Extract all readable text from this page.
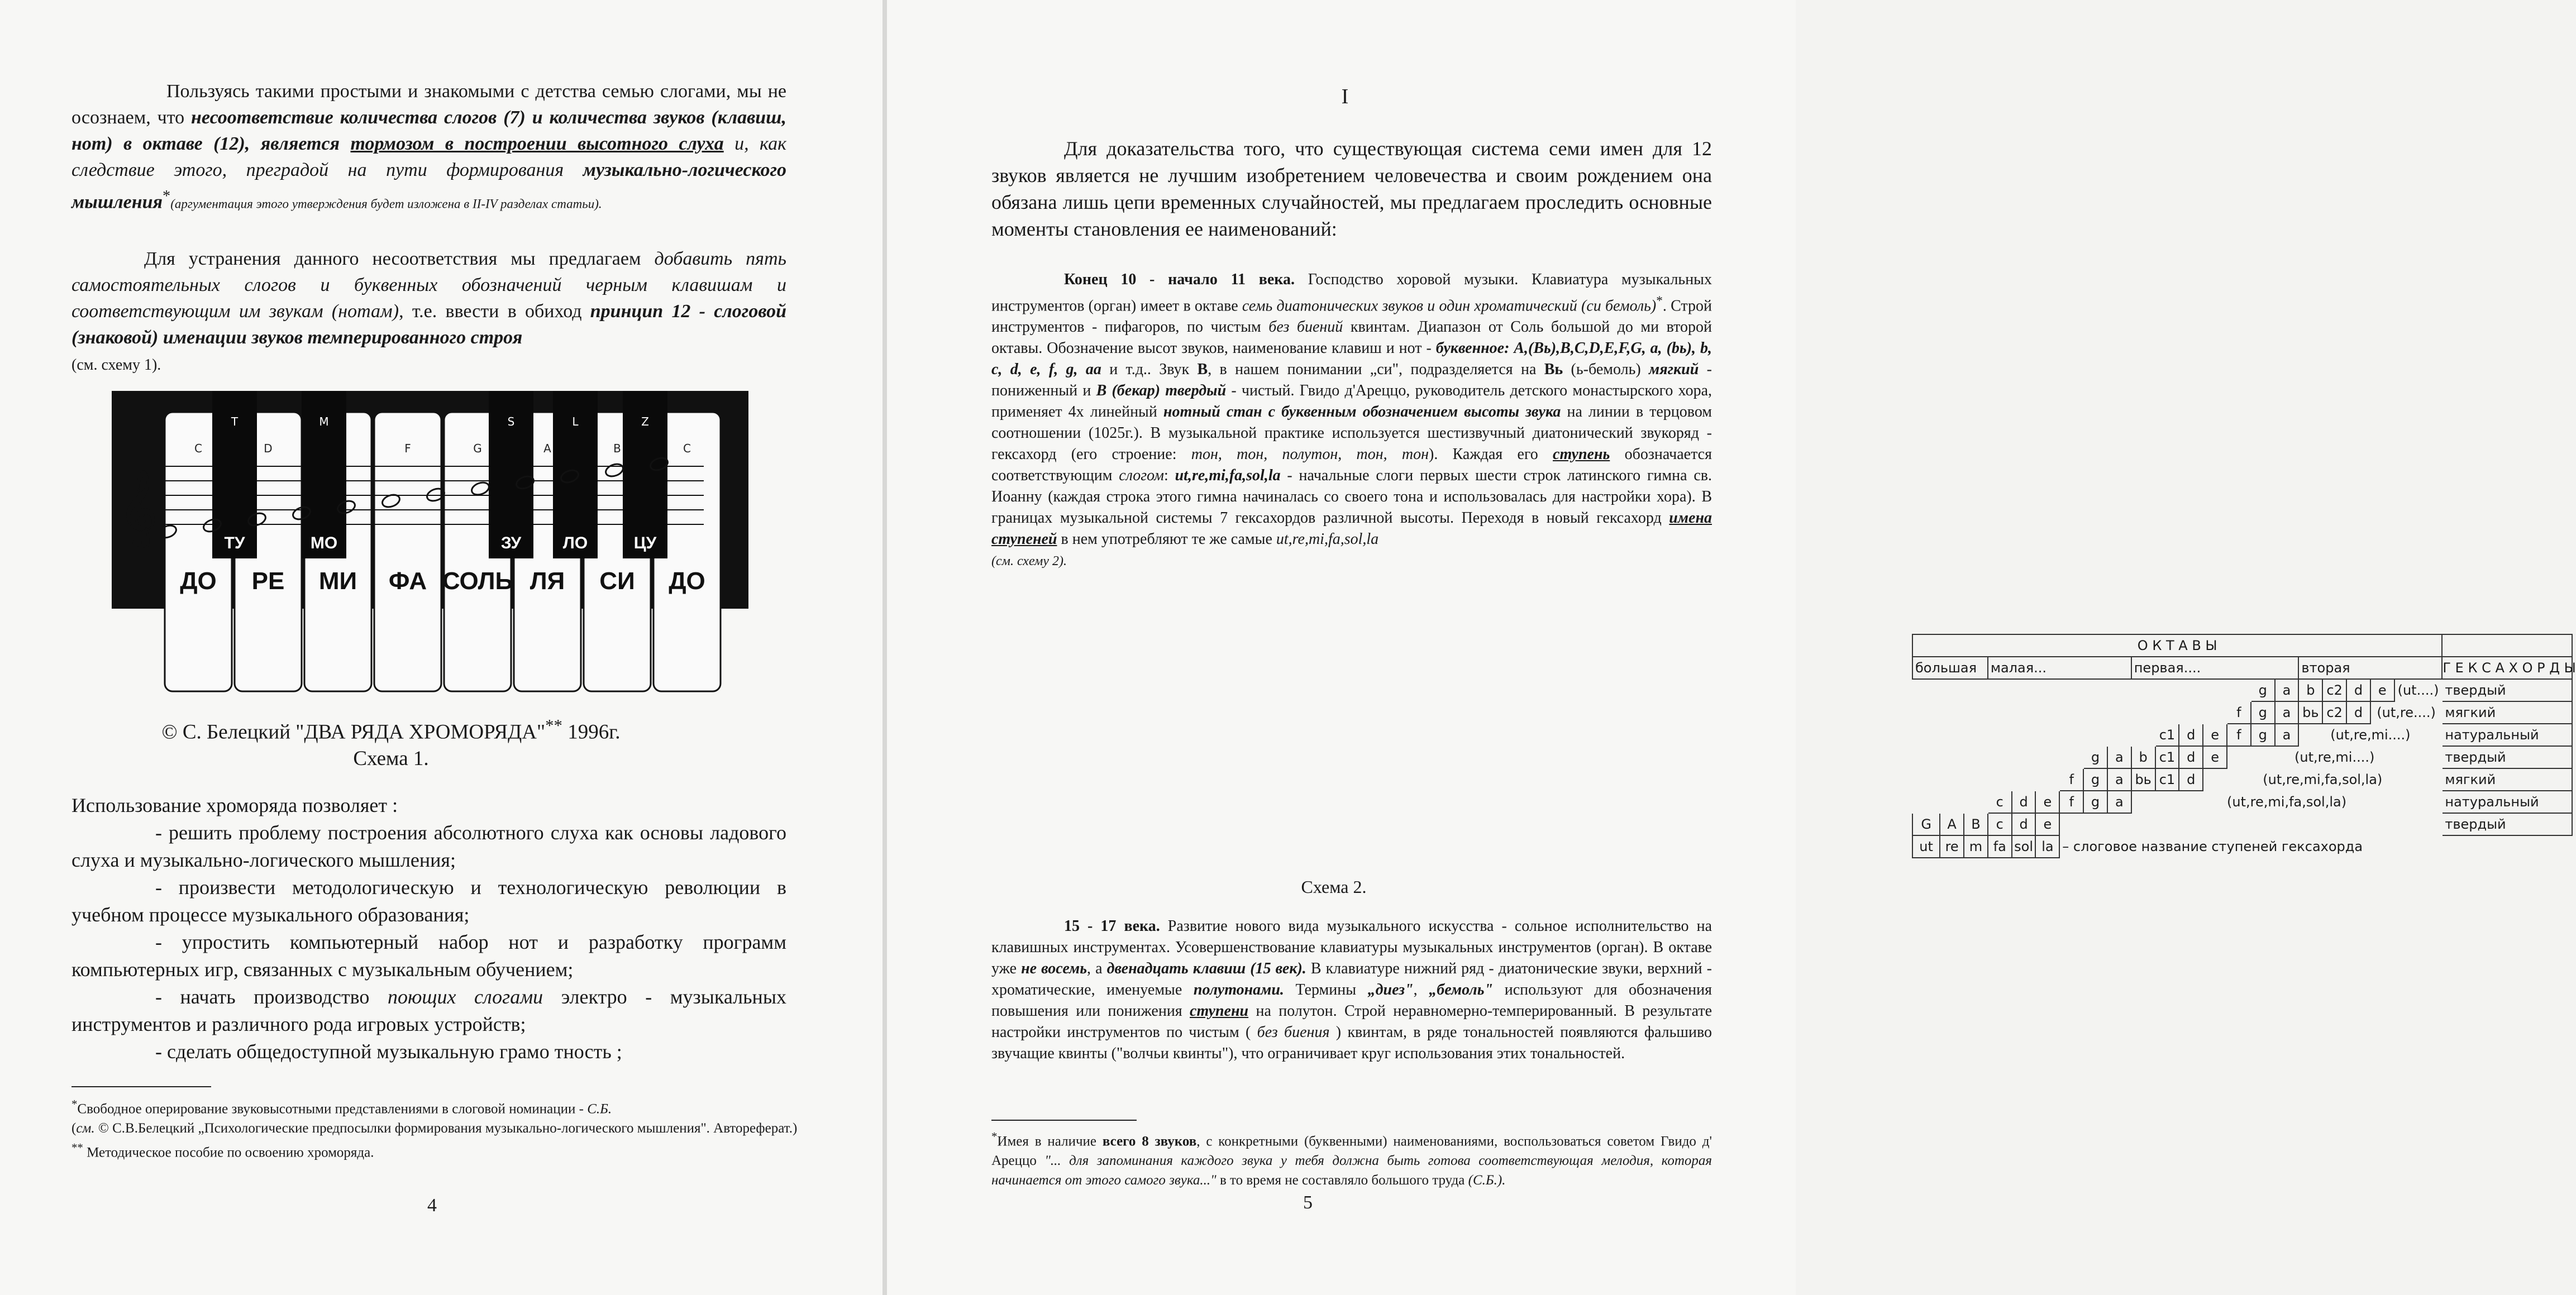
Пользуясь такими простыми и знакомыми с детства семью слогами, мы не осознаем, что несоответствие количества слогов (7) и количества звуков (клавиш, нот) в октаве (12), является тормозом в построении высотного слуха и, как следствие этого, преградой на пути формирования музыкально-логического мышления*(аргументация этого утверждения будет изложена в II-IV разделах статьи).

Для устранения данного несоответствия мы предлагаем добавить пять самостоятельных слогов и буквенных обозначений черным клавишам и соответствующим им звукам (нотам), т.е. ввести в обиход принцип 12 - слоговой (знаковой) именации звуков темперированного строя
(см. схему 1).

C	D	F	G	A	B	C
𝄞
T
ТУ
M
МО
S
ЗУ
L
ЛО
Z
ЦУ
ДО РЕ МИ ФА СОЛЬ ЛЯ СИ ДО
© С. Белецкий "ДВА РЯДА ХРОМОРЯДА"** 1996г.
Схема 1.
Использование хроморяда позволяет :
- решить проблему построения абсолютного слуха как основы ладового слуха и музыкально-логического мышления;
- произвести методологическую и технологическую революции в учебном процессе музыкального образования;
- упростить компьютерный набор нот и разработку программ компьютерных игр, связанных с музыкальным обучением;
- начать производство поющих слогами электро - музыкальных инструментов и различного рода игровых устройств;
- сделать общедоступной музыкальную грамо тность ;
*Свободное оперирование звуковысотными представлениями в слоговой номинации - С.Б.
(см. © С.В.Белецкий „Психологические предпосылки формирования музыкально-логического мышления". Автореферат.)
** Методическое пособие по освоению хроморяда.
4
I

Для доказательства того, что существующая система семи имен для 12 звуков является не лучшим изобретением человечества и своим рождением она обязана лишь цепи временных случайностей, мы предлагаем проследить основные моменты становления ее наименований:

Конец 10 - начало 11 века. Господство хоровой музыки. Клавиатура музыкальных инструментов (орган) имеет в октаве семь диатонических звуков и один хроматический (си бемоль)*. Строй инструментов - пифагоров, по чистым без биений квинтам. Диапазон от Соль большой до ми второй октавы. Обозначение высот звуков, наименование клавиш и нот - буквенное: A,(Bь),B,C,D,E,F,G, a, (bь), b, c, d, e, f, g, aa и т.д.. Звук B, в нашем понимании „си", подразделяется на Bь (ь-бемоль) мягкий - пониженный и В (бекар) твердый - чистый. Гвидо д'Ареццо, руководитель детского монастырского хора, применяет 4х линейный нотный стан с буквенным обозначением высоты звука на линии в терцовом соотношении (1025г.). В музыкальной практике используется шестизвучный диатонический звукоряд - гексахорд (его строение: тон, тон, полутон, тон, тон). Каждая его ступень обозначается соответствующим слогом: ut,re,mi,fa,sol,la - начальные слоги первых шести строк латинского гимна св. Иоанну (каждая строка этого гимна начиналась со своего тона и использовалась для настройки хора). В границах музыкальной системы 7 гексахордов различной высоты. Переходя в новый гексахорд имена ступеней в нем употребляют те же самые ut,re,mi,fa,sol,la
(см. схему 2).

О К Т А В Ы																					
большая			малая...						первая....							вторая					Г Е К С А Х О Р Д Ы
														g	a	b	c2	d	e	(ut....)	твердый
													f	g	a	bь	c2	d	(ut,re....)		мягкий
										c1	d	e	f	g	a	(ut,re,mi....)					натуральный
							g	a	b	c1	d	e	(ut,re,mi....)								твердый
						f	g	a	bь	c1	d	(ut,re,mi,fa,sol,la)									мягкий
			c	d	e	f	g	a	(ut,re,mi,fa,sol,la)												натуральный
G	A	B	c	d	e																твердый
ut	re	m	fa	sol	la	– слоговое название ступеней гексахорда															
Схема 2.

15 - 17 века. Развитие нового вида музыкального искусства - сольное исполнительство на клавишных инструментах. Усовершенствование клавиатуры музыкальных инструментов (орган). В октаве уже не восемь, а двенадцать клавиш (15 век). В клавиатуре нижний ряд - диатонические звуки, верхний - хроматические, именуемые полутонами. Термины „диез", „бемоль" используют для обозначения повышения или понижения ступени на полутон. Строй неравномерно-темперированный. В результате настройки инструментов по чистым ( без биения ) квинтам, в ряде тональностей появляются фальшиво звучащие квинты ("волчьи квинты"), что ограничивает круг использования этих тональностей.

*Имея в наличие всего 8 звуков, с конкретными (буквенными) наименованиями, воспользоваться советом Гвидо д' Ареццо "... для запоминания каждого звука у тебя должна быть готова соответствующая мелодия, которая начинается от этого самого звука..." в то время не составляло большого труда (С.Б.).
5
